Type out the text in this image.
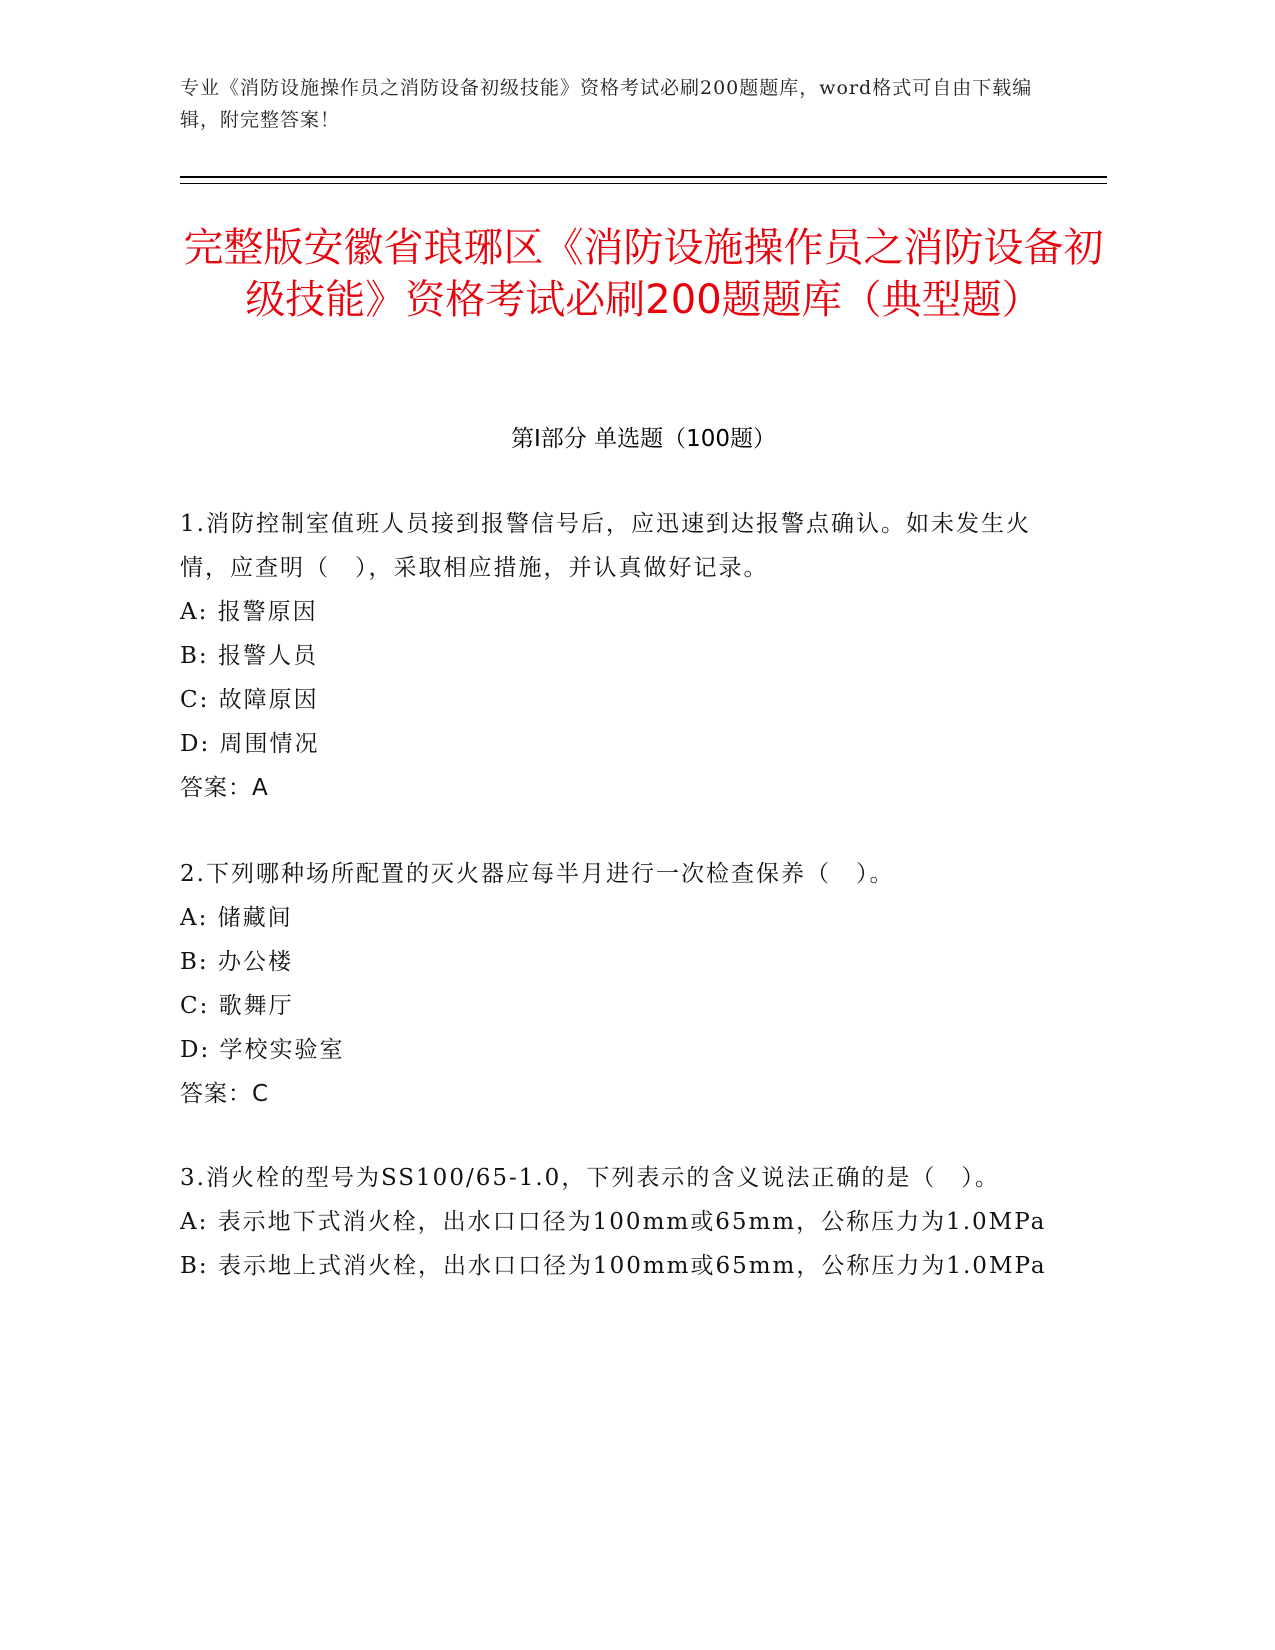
专业《消防设施操作员之消防设备初级技能》资格考试必刷200题题库，word格式可自由下载编辑，附完整答案！
完整版安徽省琅琊区《消防设施操作员之消防设备初级技能》资格考试必刷200题题库（典型题）
第Ⅰ部分 单选题（100题）
1.消防控制室值班人员接到报警信号后，应迅速到达报警点确认。如未发生火情，应查明（　），采取相应措施，并认真做好记录。
A: 报警原因
B: 报警人员
C: 故障原因
D: 周围情况
答案：A
2.下列哪种场所配置的灭火器应每半月进行一次检查保养（　）。
A: 储藏间
B: 办公楼
C: 歌舞厅
D: 学校实验室
答案：C
3.消火栓的型号为SS100/65-1.0，下列表示的含义说法正确的是（　）。
A: 表示地下式消火栓，出水口口径为100mm或65mm，公称压力为1.0MPa
B: 表示地上式消火栓，出水口口径为100mm或65mm，公称压力为1.0MPa
